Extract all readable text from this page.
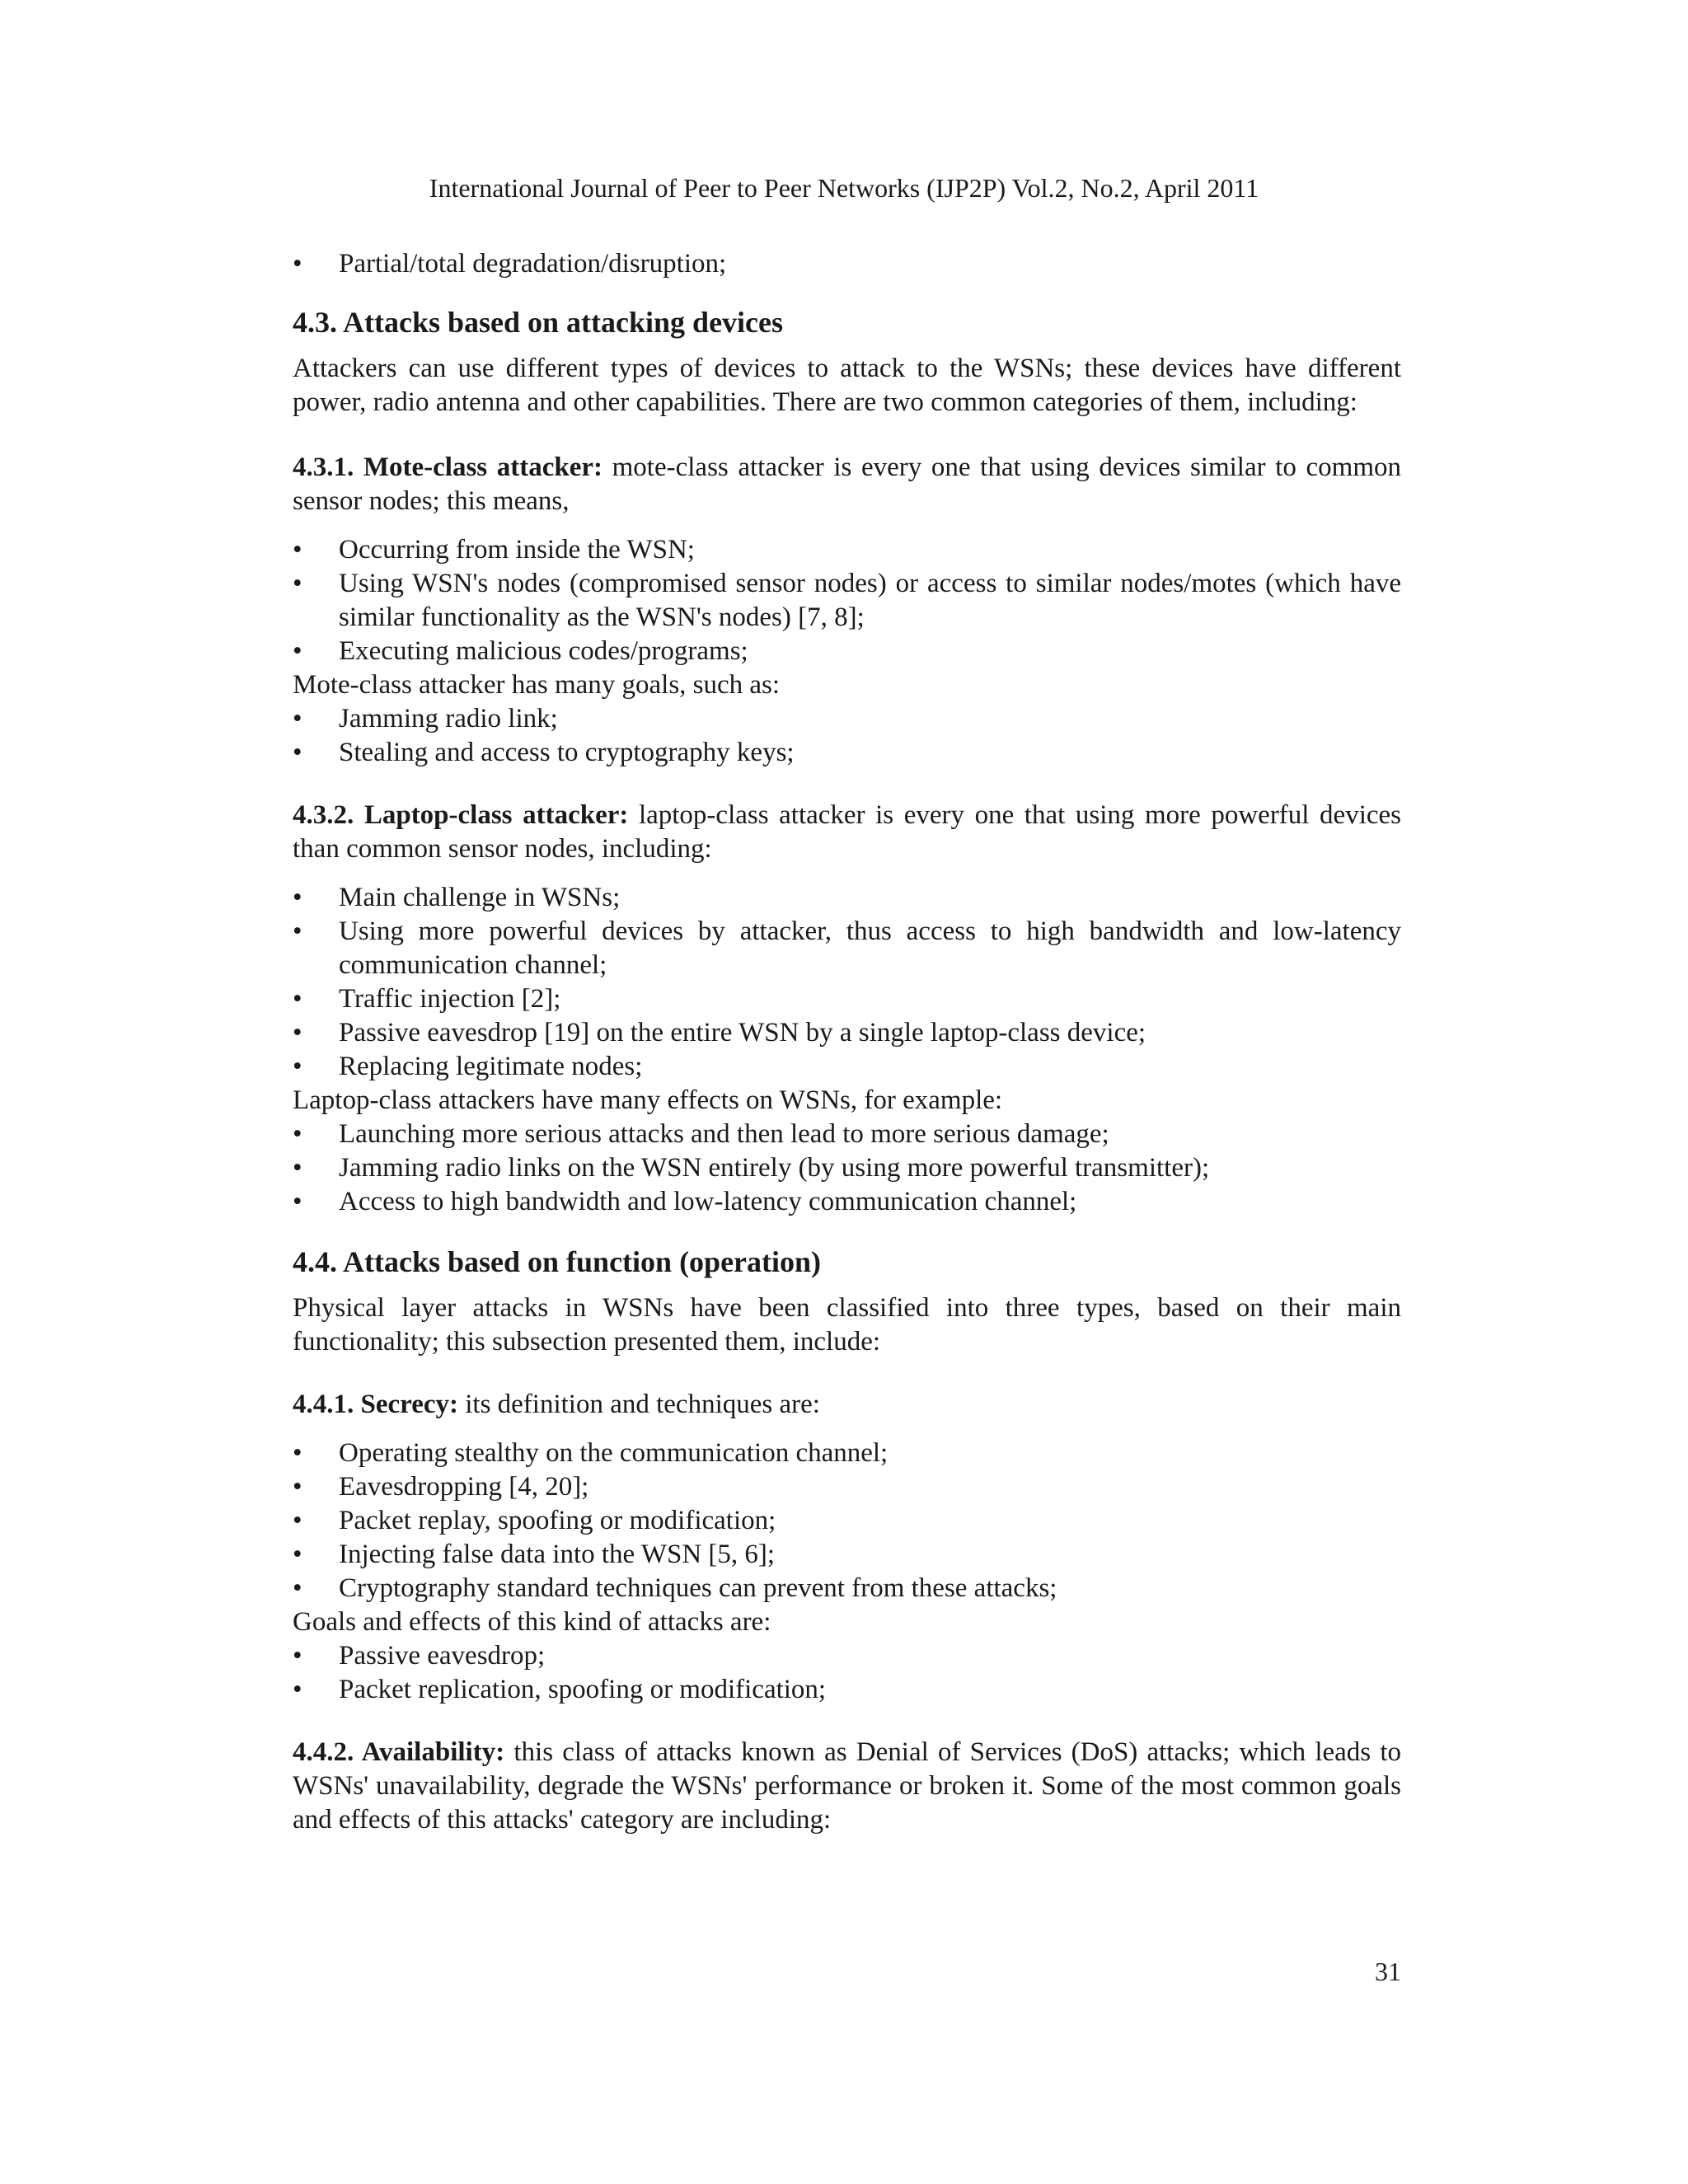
International Journal of Peer to Peer Networks (IJP2P) Vol.2, No.2, April 2011
•	Partial/total degradation/disruption;
4.3. Attacks based on attacking devices

Attackers can use different types of devices to attack to the WSNs; these devices have different power, radio antenna and other capabilities. There are two common categories of them, including:

4.3.1. Mote-class attacker: mote-class attacker is every one that using devices similar to common sensor nodes; this means,

•	Occurring from inside the WSN;
•	Using WSN's nodes (compromised sensor nodes) or access to similar nodes/motes (which have similar functionality as the WSN's nodes) [7, 8];
•	Executing malicious codes/programs;

Mote-class attacker has many goals, such as:

•	Jamming radio link;
•	Stealing and access to cryptography keys;

4.3.2. Laptop-class attacker: laptop-class attacker is every one that using more powerful devices than common sensor nodes, including:

•	Main challenge in WSNs;
•	Using more powerful devices by attacker, thus access to high bandwidth and low-latency communication channel;
•	Traffic injection [2];
•	Passive eavesdrop [19] on the entire WSN by a single laptop-class device;
•	Replacing legitimate nodes;

Laptop-class attackers have many effects on WSNs, for example:

•	Launching more serious attacks and then lead to more serious damage;
•	Jamming radio links on the WSN entirely (by using more powerful transmitter);
•	Access to high bandwidth and low-latency communication channel;
4.4. Attacks based on function (operation)

Physical layer attacks in WSNs have been classified into three types, based on their main functionality; this subsection presented them, include:

4.4.1. Secrecy: its definition and techniques are:

•	Operating stealthy on the communication channel;
•	Eavesdropping [4, 20];
•	Packet replay, spoofing or modification;
•	Injecting false data into the WSN [5, 6];
•	Cryptography standard techniques can prevent from these attacks;

Goals and effects of this kind of attacks are:

•	Passive eavesdrop;
•	Packet replication, spoofing or modification;

4.4.2. Availability: this class of attacks known as Denial of Services (DoS) attacks; which leads to WSNs' unavailability, degrade the WSNs' performance or broken it. Some of the most common goals and effects of this attacks' category are including:

31
